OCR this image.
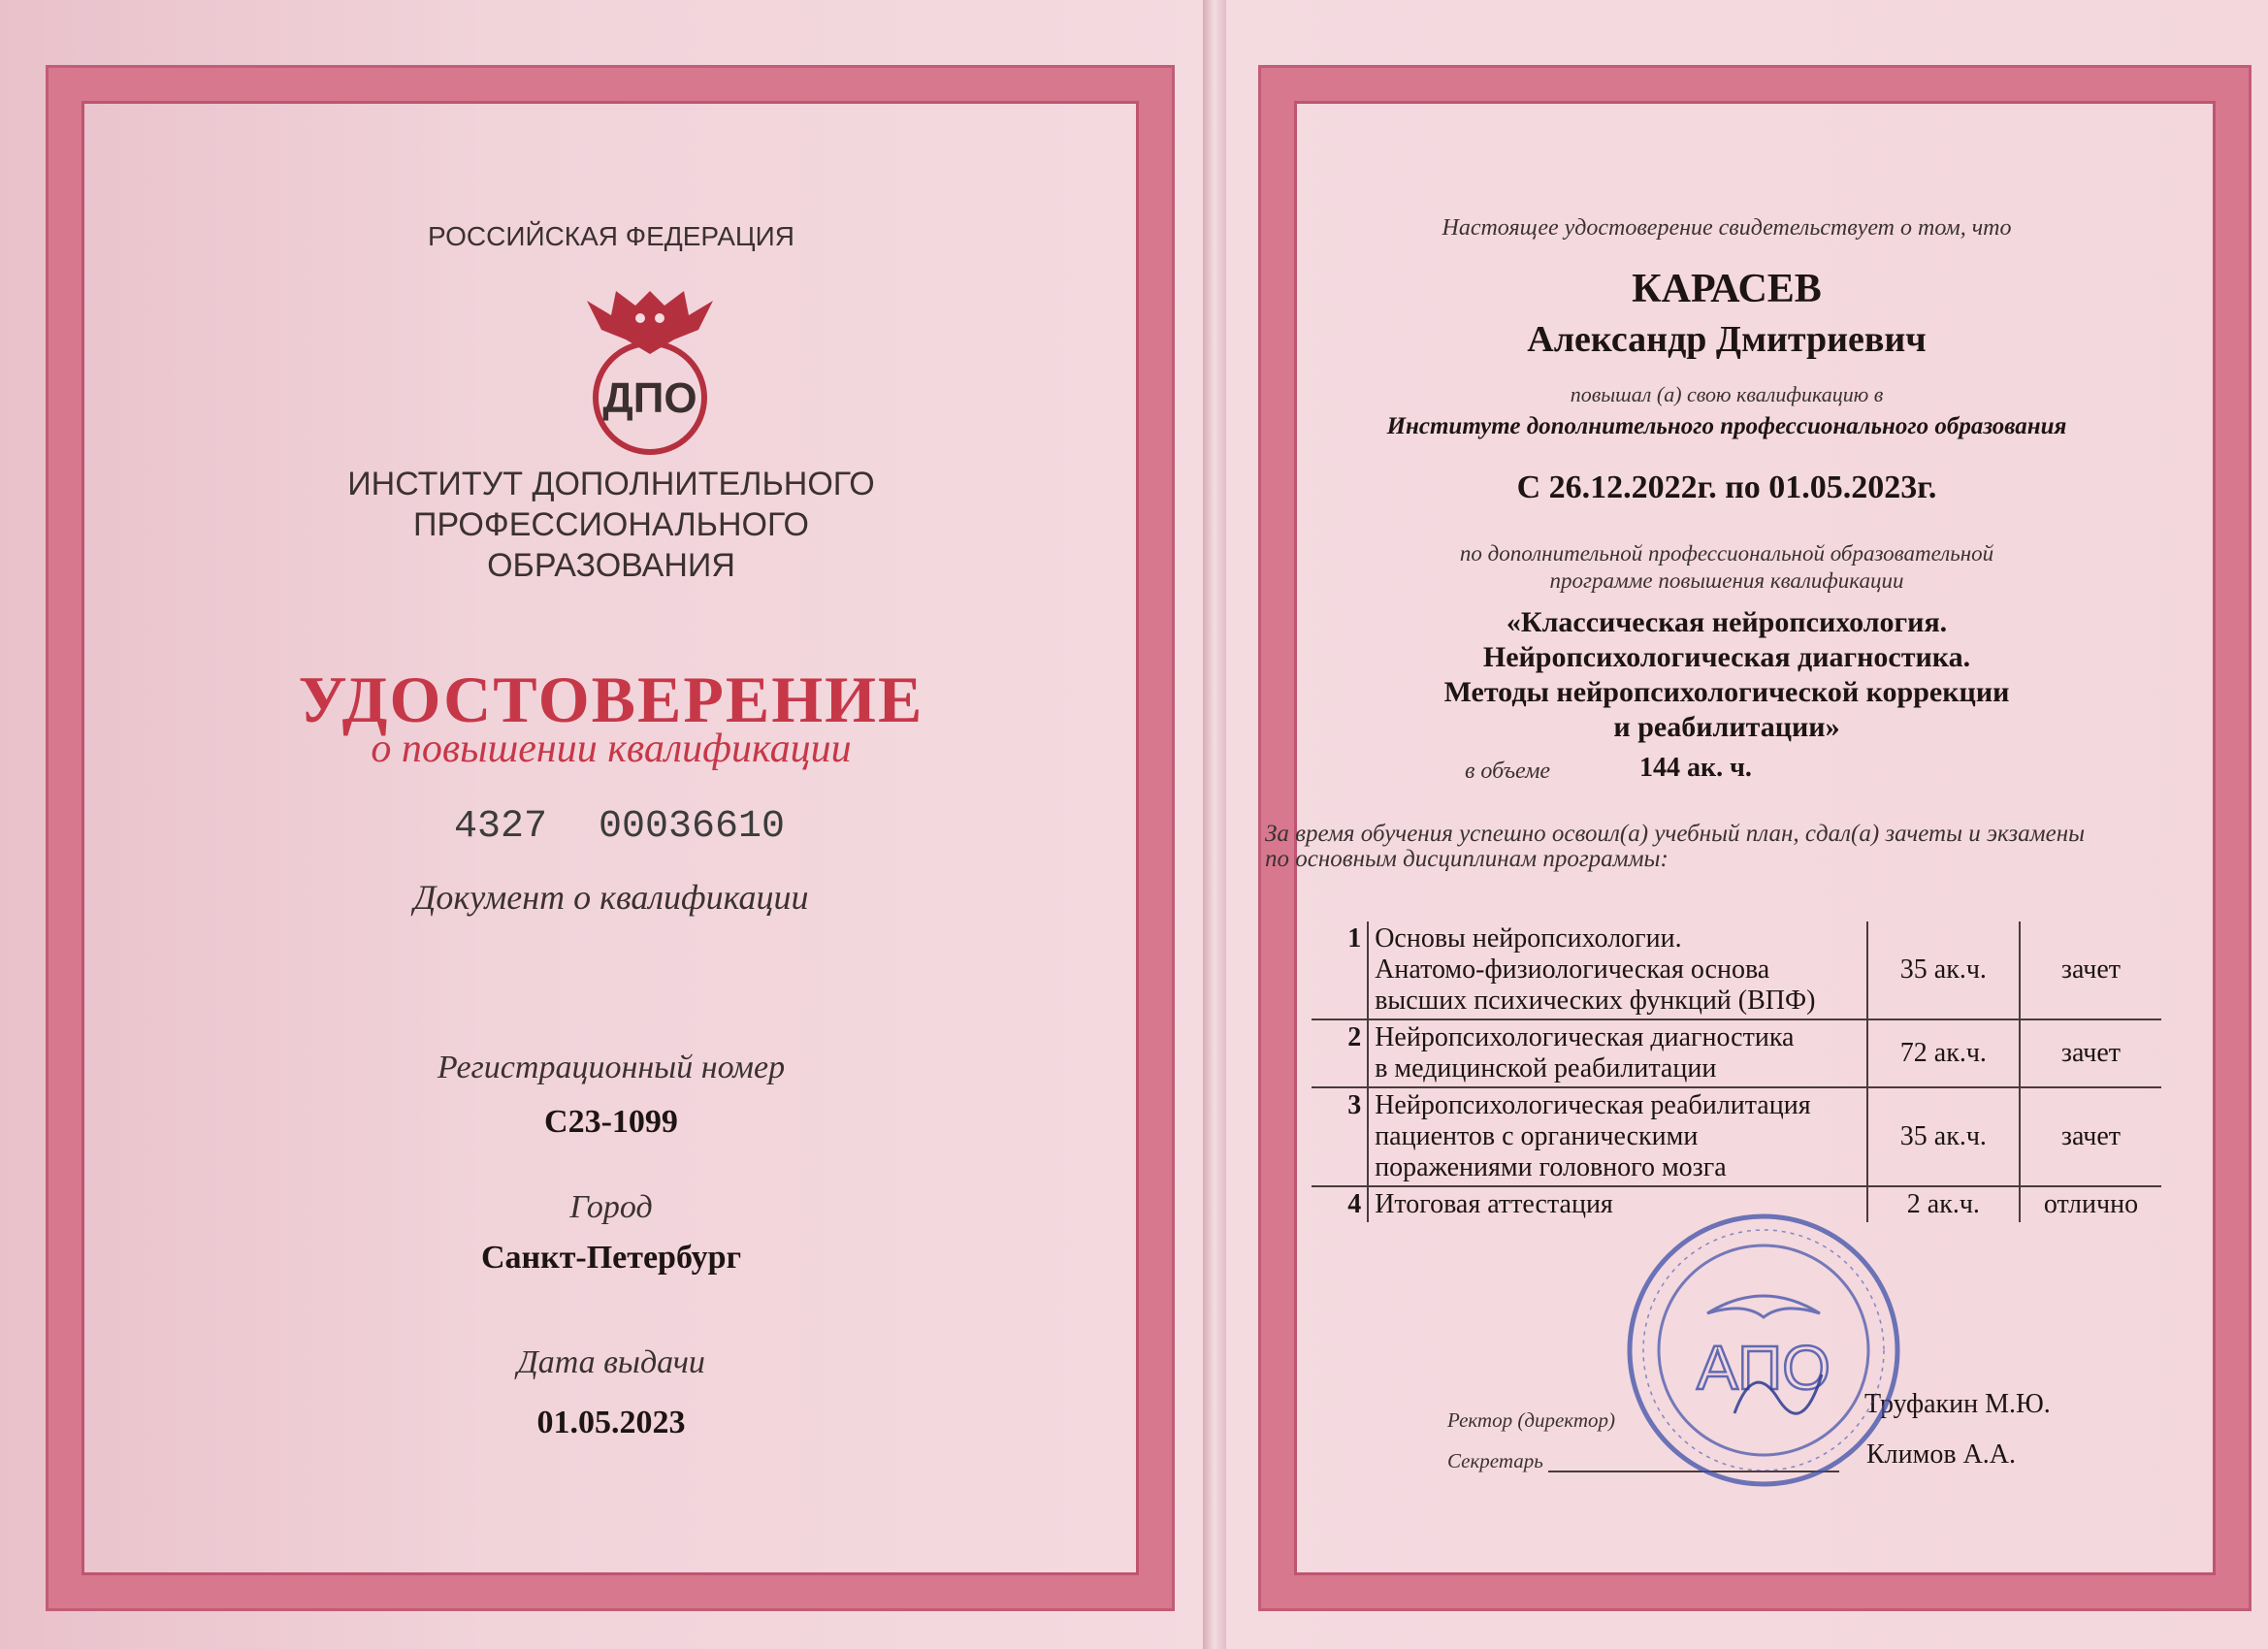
РОССИЙСКАЯ ФЕДЕРАЦИЯ
ДПО
ИНСТИТУТ ДОПОЛНИТЕЛЬНОГО
ПРОФЕССИОНАЛЬНОГО
ОБРАЗОВАНИЯ
УДОСТОВЕРЕНИЕ
о повышении квалификации
4327 00036610
Документ о квалификации
Регистрационный номер
С23-1099
Город
Санкт-Петербург
Дата выдачи
01.05.2023
Настоящее удостоверение свидетельствует о том, что
КАРАСЕВ
Александр Дмитриевич
повышал (а) свою квалификацию в
Институте дополнительного профессионального образования
С 26.12.2022г. по 01.05.2023г.
по дополнительной профессиональной образовательной
программе повышения квалификации
«Классическая нейропсихология.
Нейропсихологическая диагностика.
Методы нейропсихологической коррекции
и реабилитации»
в объеме	144 ак. ч.
За время обучения успешно освоил(а) учебный план, сдал(а) зачеты и экзамены
по основным дисциплинам программы:
1	Основы нейропсихологии.
Анатомо-физиологическая основа
высших психических функций (ВПФ)	35 ак.ч.	зачет
2	Нейропсихологическая диагностика
в медицинской реабилитации	72 ак.ч.	зачет
3	Нейропсихологическая реабилитация
пациентов с органическими
поражениями головного мозга	35 ак.ч.	зачет
4	Итоговая аттестация	2 ак.ч.	отлично
Ректор (директор)
Труфакин М.Ю.
Секретарь	Климов А.А.
АПО
